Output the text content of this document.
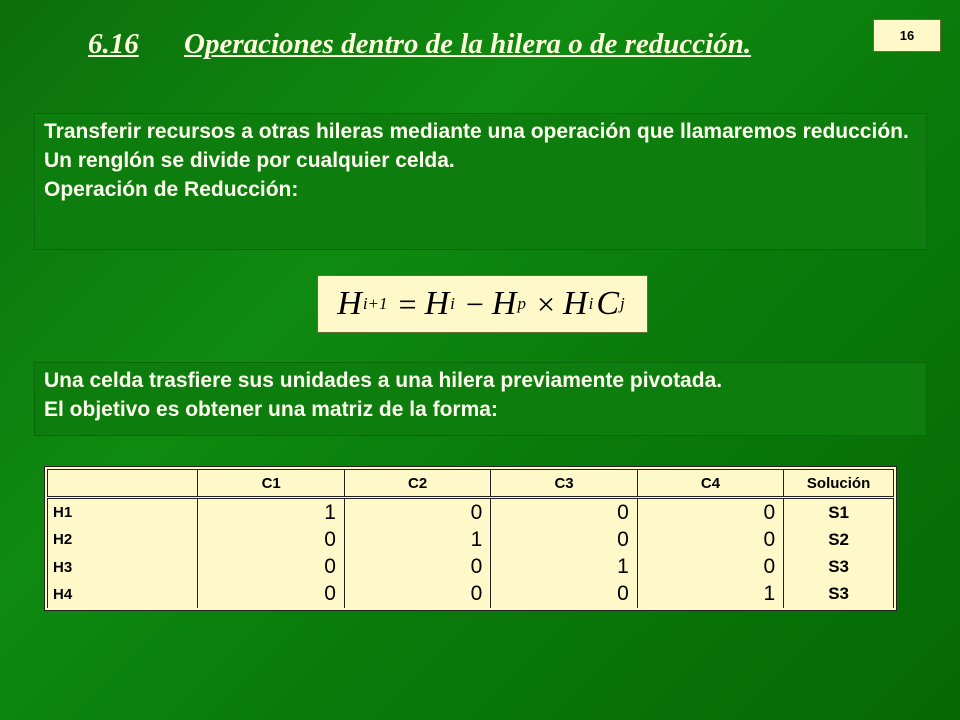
16
6.16 Operaciones dentro de la hilera o de reducción.
Transferir recursos a otras hileras mediante una operación que llamaremos reducción.
Un renglón se divide por cualquier celda.
Operación de Reducción:
H i+1 = H i − H p × H i C j
Una celda trasfiere sus unidades a una hilera previamente pivotada.
El objetivo es obtener una matriz de la forma:
	C1	C2	C3	C4	Solución
H1	1	0	0	0	S1
H2	0	1	0	0	S2
H3	0	0	1	0	S3
H4	0	0	0	1	S3
